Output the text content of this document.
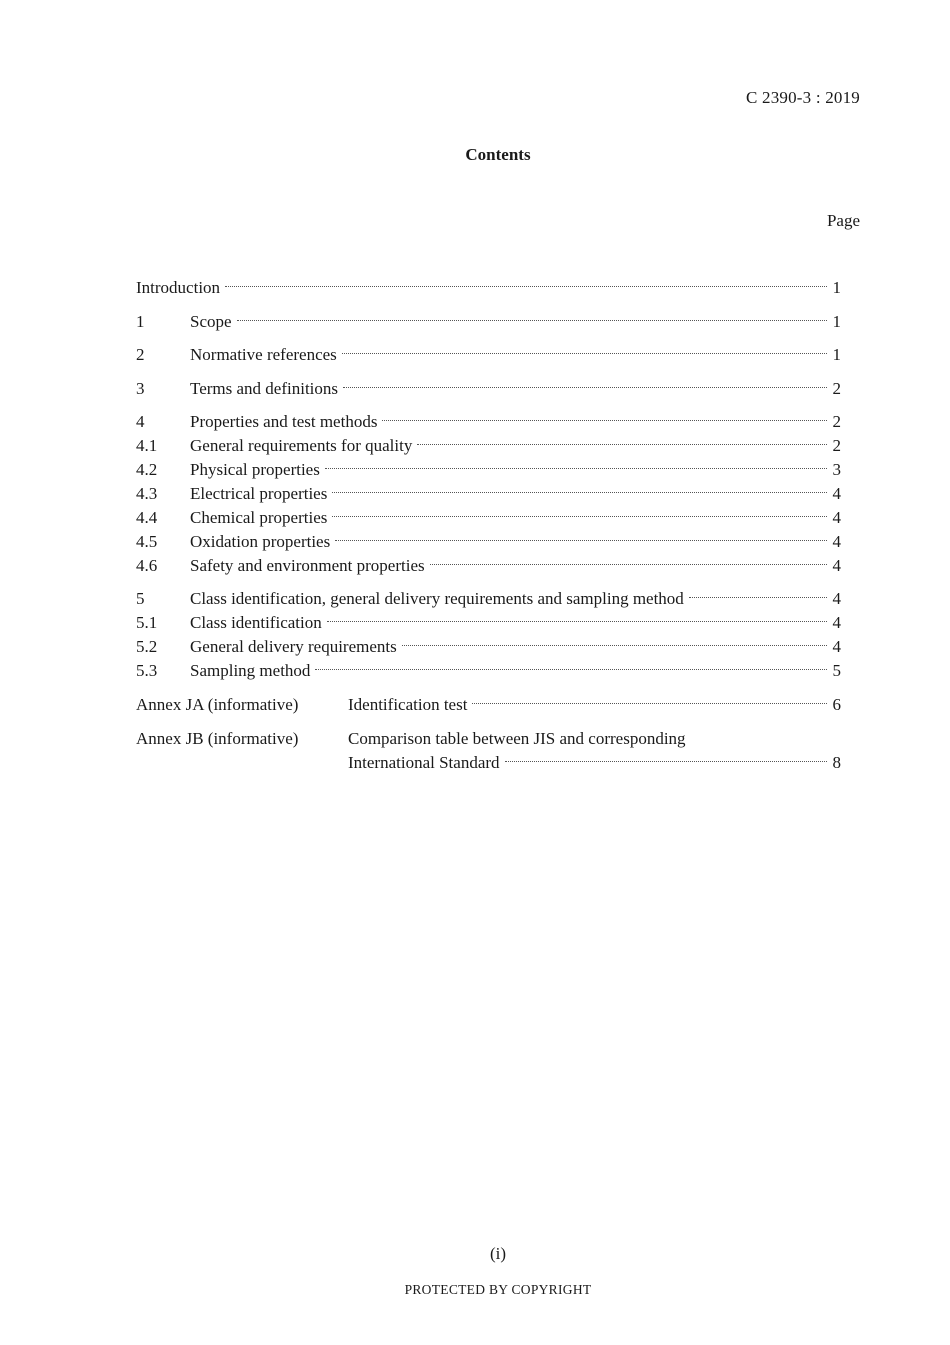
C 2390-3 : 2019
Contents
Page
Introduction	1
1	Scope	1
2	Normative references	1
3	Terms and definitions	2
4	Properties and test methods	2
4.1 General requirements for quality	2
4.2 Physical properties	3
4.3 Electrical properties	4
4.4 Chemical properties	4
4.5 Oxidation properties	4
4.6 Safety and environment properties	4
5	Class identification, general delivery requirements and sampling method	4
5.1 Class identification	4
5.2 General delivery requirements	4
5.3 Sampling method	5
Annex JA (informative)	Identification test	6
Annex JB (informative)	Comparison table between JIS and corresponding
International Standard	8
(i)
PROTECTED BY COPYRIGHT
